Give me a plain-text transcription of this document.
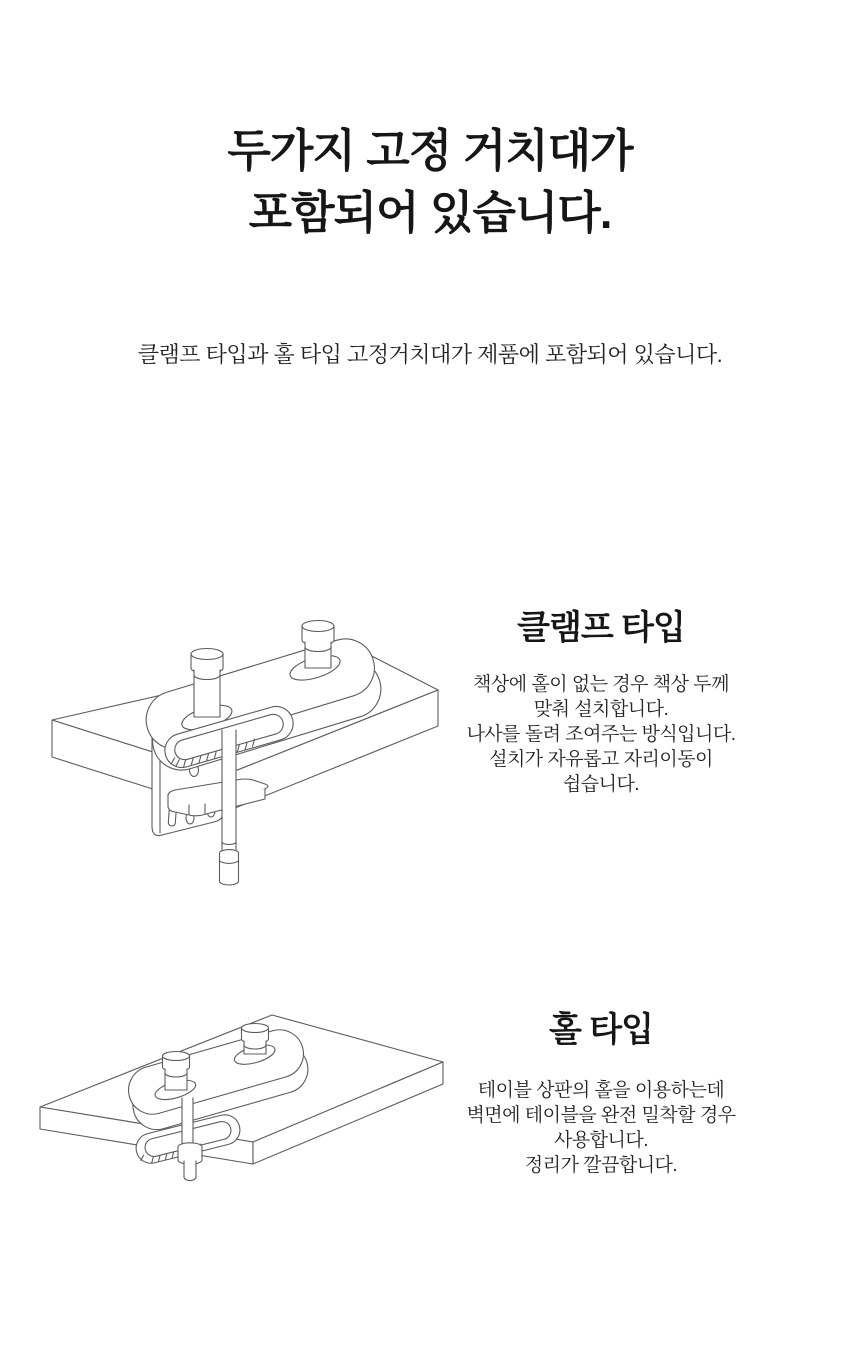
두가지 고정 거치대가
포함되어 있습니다.
클램프 타입과 홀 타입 고정거치대가 제품에 포함되어 있습니다.
클램프 타입
책상에 홀이 없는 경우 책상 두께
맞춰 설치합니다.
나사를 돌려 조여주는 방식입니다.
설치가 자유롭고 자리이동이
쉽습니다.
홀 타입
테이블 상판의 홀을 이용하는데
벽면에 테이블을 완전 밀착할 경우
사용합니다.
정리가 깔끔합니다.
